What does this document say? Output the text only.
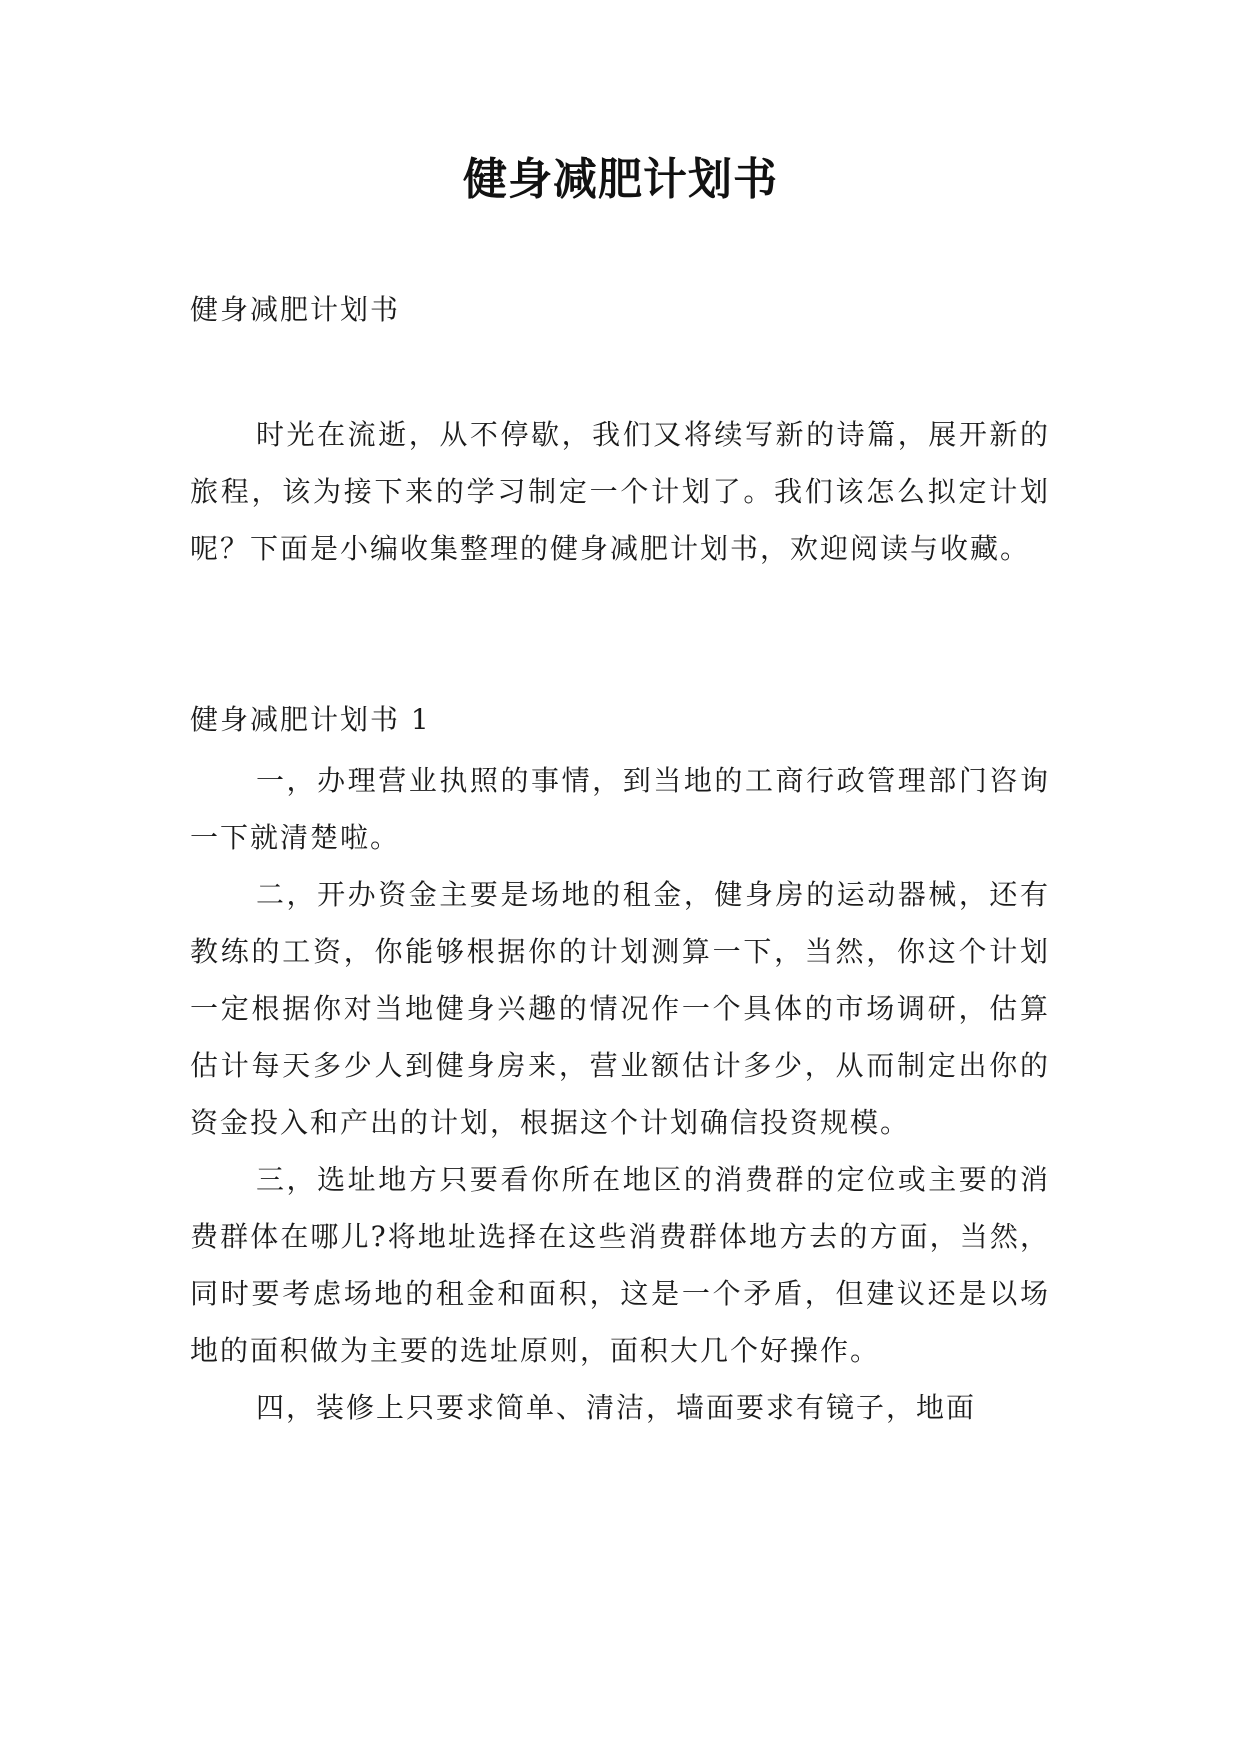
健身减肥计划书
健身减肥计划书

时光在流逝，从不停歇，我们又将续写新的诗篇，展开新的旅程，该为接下来的学习制定一个计划了。我们该怎么拟定计划呢？下面是小编收集整理的健身减肥计划书，欢迎阅读与收藏。

健身减肥计划书 1

一，办理营业执照的事情，到当地的工商行政管理部门咨询一下就清楚啦。

二，开办资金主要是场地的租金，健身房的运动器械，还有教练的工资，你能够根据你的计划测算一下，当然，你这个计划一定根据你对当地健身兴趣的情况作一个具体的市场调研，估算估计每天多少人到健身房来，营业额估计多少，从而制定出你的资金投入和产出的计划，根据这个计划确信投资规模。

三，选址地方只要看你所在地区的消费群的定位或主要的消费群体在哪儿?将地址选择在这些消费群体地方去的方面，当然，同时要考虑场地的租金和面积，这是一个矛盾，但建议还是以场地的面积做为主要的选址原则，面积大几个好操作。

四，装修上只要求简单、清洁，墙面要求有镜子，地面
